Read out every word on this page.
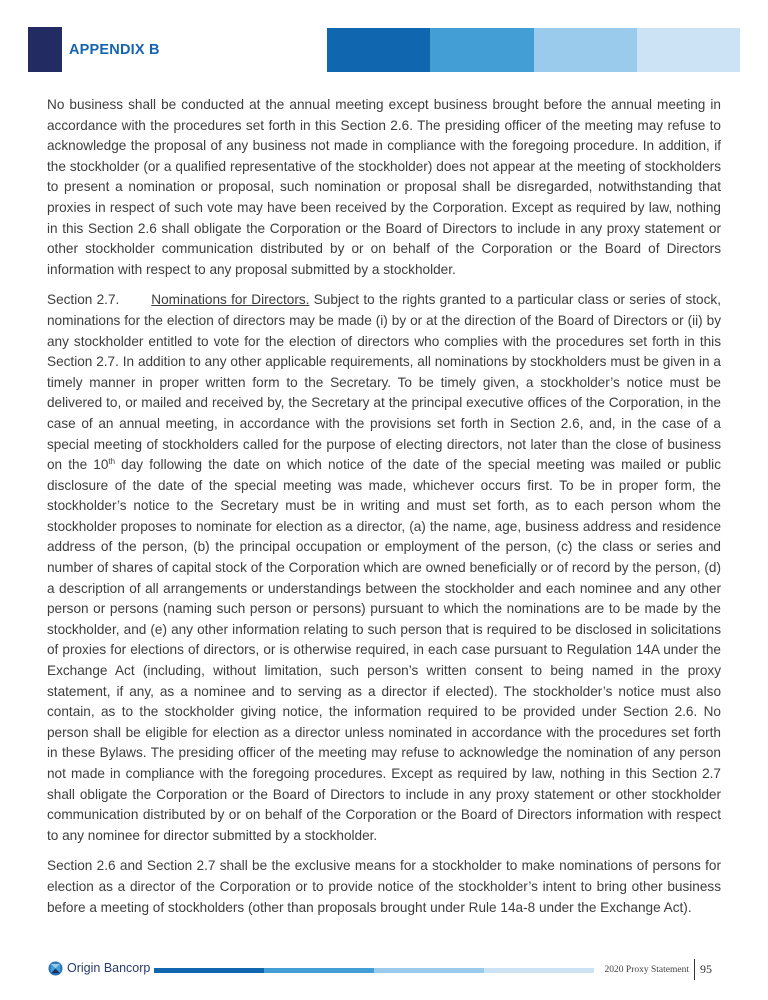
APPENDIX B

No business shall be conducted at the annual meeting except business brought before the annual meeting in accordance with the procedures set forth in this Section 2.6. The presiding officer of the meeting may refuse to acknowledge the proposal of any business not made in compliance with the foregoing procedure. In addition, if the stockholder (or a qualified representative of the stockholder) does not appear at the meeting of stockholders to present a nomination or proposal, such nomination or proposal shall be disregarded, notwithstanding that proxies in respect of such vote may have been received by the Corporation. Except as required by law, nothing in this Section 2.6 shall obligate the Corporation or the Board of Directors to include in any proxy statement or other stockholder communication distributed by or on behalf of the Corporation or the Board of Directors information with respect to any proposal submitted by a stockholder.

Section 2.7. Nominations for Directors. Subject to the rights granted to a particular class or series of stock, nominations for the election of directors may be made (i) by or at the direction of the Board of Directors or (ii) by any stockholder entitled to vote for the election of directors who complies with the procedures set forth in this Section 2.7. In addition to any other applicable requirements, all nominations by stockholders must be given in a timely manner in proper written form to the Secretary. To be timely given, a stockholder’s notice must be delivered to, or mailed and received by, the Secretary at the principal executive offices of the Corporation, in the case of an annual meeting, in accordance with the provisions set forth in Section 2.6, and, in the case of a special meeting of stockholders called for the purpose of electing directors, not later than the close of business on the 10th day following the date on which notice of the date of the special meeting was mailed or public disclosure of the date of the special meeting was made, whichever occurs first. To be in proper form, the stockholder’s notice to the Secretary must be in writing and must set forth, as to each person whom the stockholder proposes to nominate for election as a director, (a) the name, age, business address and residence address of the person, (b) the principal occupation or employment of the person, (c) the class or series and number of shares of capital stock of the Corporation which are owned beneficially or of record by the person, (d) a description of all arrangements or understandings between the stockholder and each nominee and any other person or persons (naming such person or persons) pursuant to which the nominations are to be made by the stockholder, and (e) any other information relating to such person that is required to be disclosed in solicitations of proxies for elections of directors, or is otherwise required, in each case pursuant to Regulation 14A under the Exchange Act (including, without limitation, such person’s written consent to being named in the proxy statement, if any, as a nominee and to serving as a director if elected). The stockholder’s notice must also contain, as to the stockholder giving notice, the information required to be provided under Section 2.6. No person shall be eligible for election as a director unless nominated in accordance with the procedures set forth in these Bylaws. The presiding officer of the meeting may refuse to acknowledge the nomination of any person not made in compliance with the foregoing procedures. Except as required by law, nothing in this Section 2.7 shall obligate the Corporation or the Board of Directors to include in any proxy statement or other stockholder communication distributed by or on behalf of the Corporation or the Board of Directors information with respect to any nominee for director submitted by a stockholder.

Section 2.6 and Section 2.7 shall be the exclusive means for a stockholder to make nominations of persons for election as a director of the Corporation or to provide notice of the stockholder’s intent to bring other business before a meeting of stockholders (other than proposals brought under Rule 14a-8 under the Exchange Act).

Origin Bancorp	2020 Proxy Statement 95
